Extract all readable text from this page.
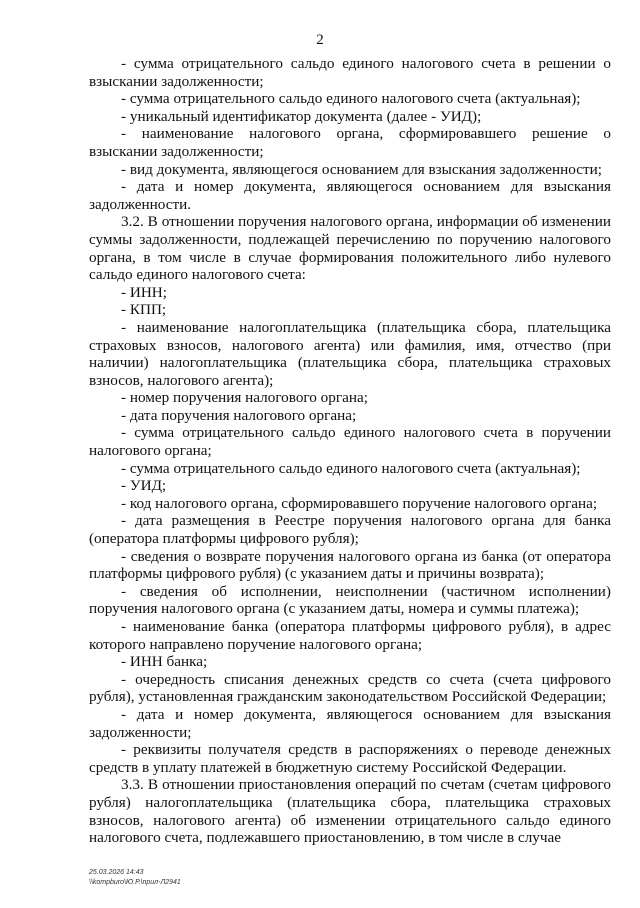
2

- сумма отрицательного сальдо единого налогового счета в решении о взыскании задолженности;

- сумма отрицательного сальдо единого налогового счета (актуальная);

- уникальный идентификатор документа (далее - УИД);

- наименование налогового органа, сформировавшего решение о взыскании задолженности;

- вид документа, являющегося основанием для взыскания задолженности;

- дата и номер документа, являющегося основанием для взыскания задолженности.

3.2. В отношении поручения налогового органа, информации об изменении суммы задолженности, подлежащей перечислению по поручению налогового органа, в том числе в случае формирования положительного либо нулевого сальдо единого налогового счета:

- ИНН;

- КПП;

- наименование налогоплательщика (плательщика сбора, плательщика страховых взносов, налогового агента) или фамилия, имя, отчество (при наличии) налогоплательщика (плательщика сбора, плательщика страховых взносов, налогового агента);

- номер поручения налогового органа;

- дата поручения налогового органа;

- сумма отрицательного сальдо единого налогового счета в поручении налогового органа;

- сумма отрицательного сальдо единого налогового счета (актуальная);

- УИД;

- код налогового органа, сформировавшего поручение налогового органа;

- дата размещения в Реестре поручения налогового органа для банка (оператора платформы цифрового рубля);

- сведения о возврате поручения налогового органа из банка (от оператора платформы цифрового рубля) (с указанием даты и причины возврата);

- сведения об исполнении, неисполнении (частичном исполнении) поручения налогового органа (с указанием даты, номера и суммы платежа);

- наименование банка (оператора платформы цифрового рубля), в адрес которого направлено поручение налогового органа;

- ИНН банка;

- очередность списания денежных средств со счета (счета цифрового рубля), установленная гражданским законодательством Российской Федерации;

- дата и номер документа, являющегося основанием для взыскания задолженности;

- реквизиты получателя средств в распоряжениях о переводе денежных средств в уплату платежей в бюджетную систему Российской Федерации.

3.3. В отношении приостановления операций по счетам (счетам цифрового рубля) налогоплательщика (плательщика сбора, плательщика страховых взносов, налогового агента) об изменении отрицательного сальдо единого налогового счета, подлежавшего приостановлению, в том числе в случае

25.03.2026 14:43
\\kompburo\Ю.Р.\прил-Л2941
